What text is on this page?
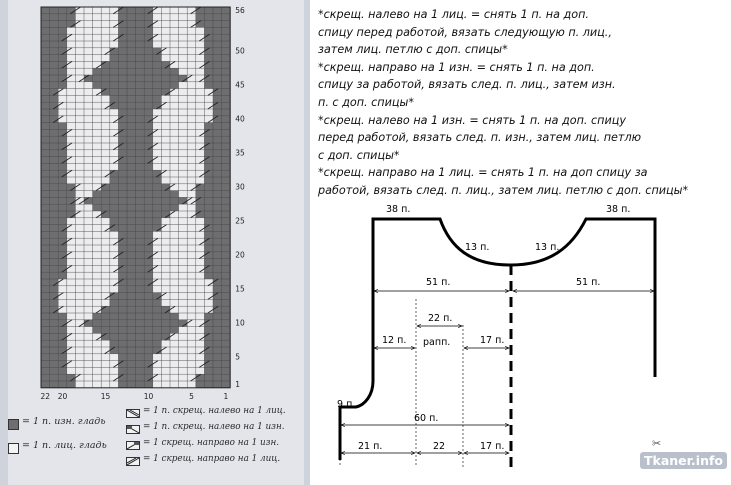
56
50
45
40
35
30
25
20
15
10
5
1
22 20	15	10	5	1
= 1 п. изн. гладь
= 1 п. лиц. гладь
= 1 п. скрещ. налево на 1 лиц.
= 1 п. скрещ. налево на 1 изн.
= 1 скрещ. направо на 1 изн.
= 1 скрещ. направо на 1 лиц.
*скрещ. налево на 1 лиц. = снять 1 п. на доп.
спицу перед работой, вязать следующую п. лиц.,
затем лиц. петлю с доп. спицы*
*скрещ. направо на 1 изн. = снять 1 п. на доп.
спицу за работой, вязать след. п. лиц., затем изн.
п. с доп. спицы*
*скрещ. налево на 1 изн. = снять 1 п. на доп. спицу
перед работой, вязать след. п. изн., затем лиц. петлю
с доп. спицы*
*скрещ. направо на 1 лиц. = снять 1 п. на доп спицу за
работой, вязать след. п. лиц., затем лиц. петлю с доп. спицы*
38 п.	38 п.
13 п.	13 п.
51 п.	51 п.
22 п.
рапп.
12 п.	17 п.
9 п.
60 п.
21 п.	22	17 п.	✂
Tkaner.info
